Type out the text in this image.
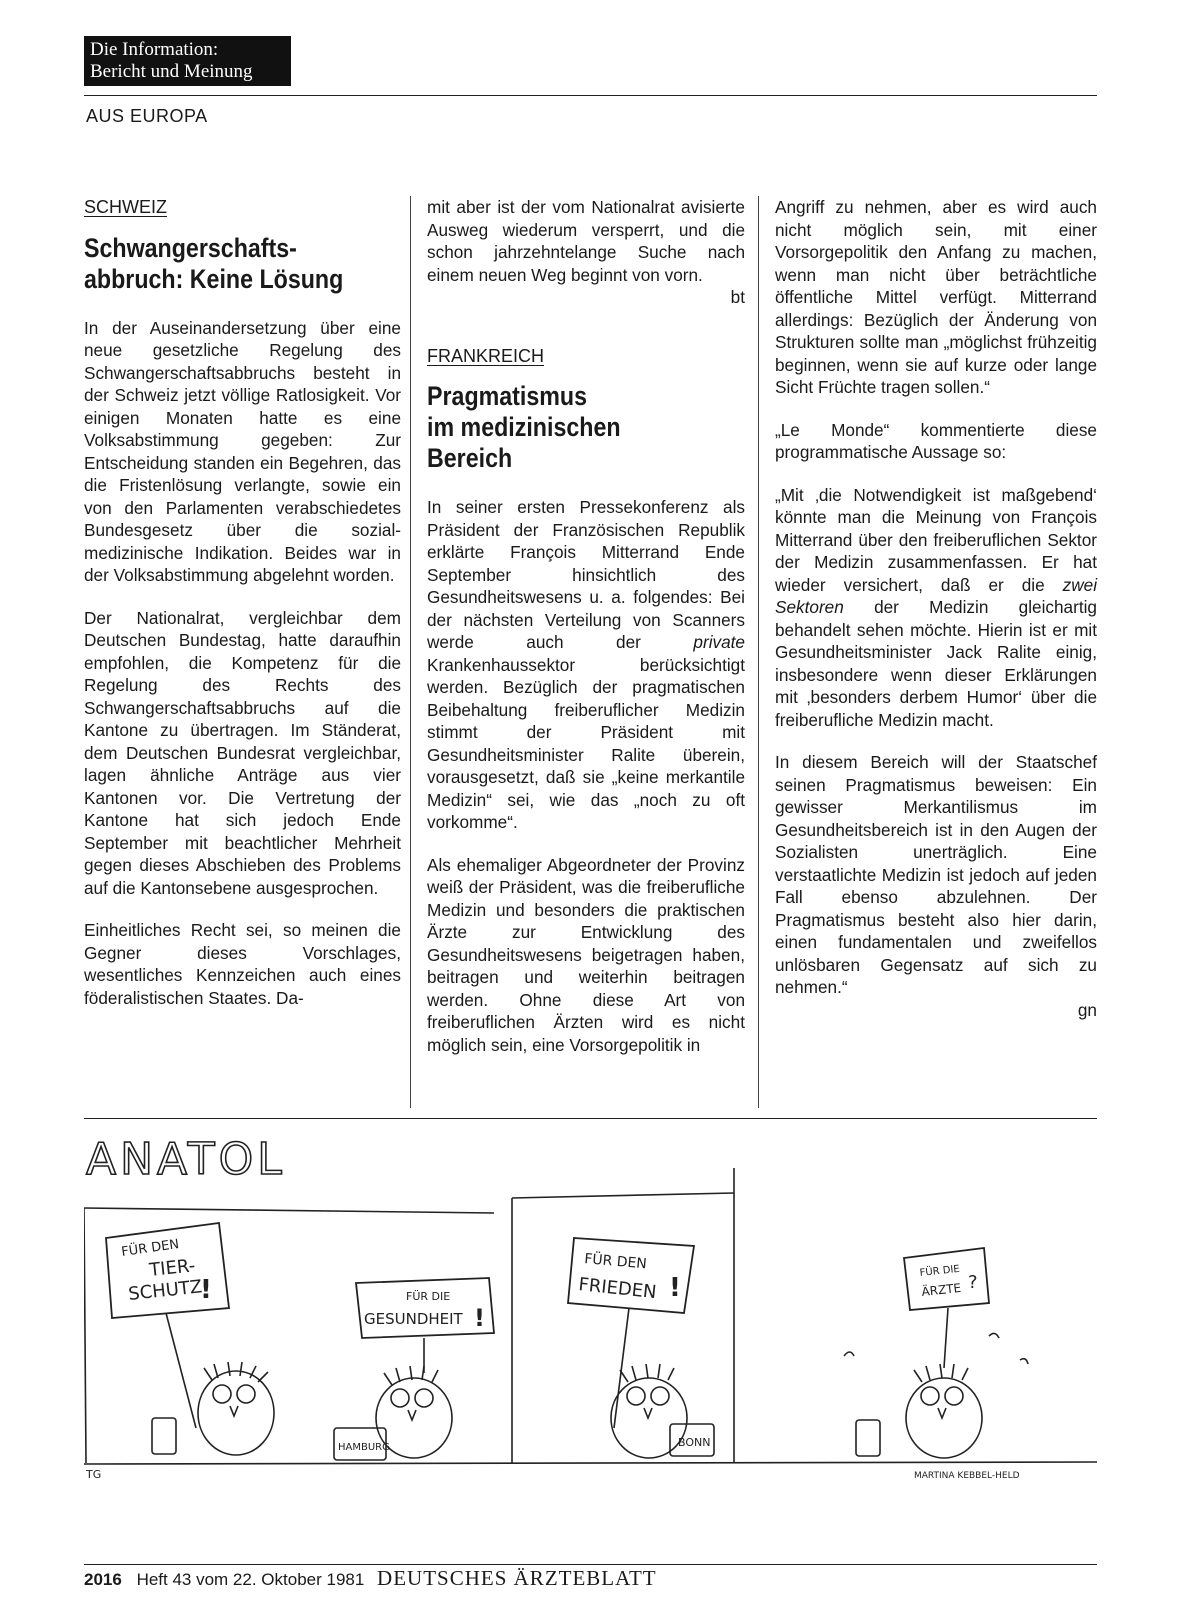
Die Information:
Bericht und Meinung
AUS EUROPA
SCHWEIZ
Schwangerschafts-
abbruch: Keine Lösung

In der Auseinandersetzung über eine neue gesetzliche Regelung des Schwangerschaftsabbruchs besteht in der Schweiz jetzt völlige Ratlosigkeit. Vor einigen Monaten hatte es eine Volksabstimmung gegeben: Zur Entscheidung standen ein Begehren, das die Fristenlösung verlangte, sowie ein von den Parlamenten verabschiedetes Bundesgesetz über die sozial-medizinische Indikation. Beides war in der Volksabstimmung abgelehnt worden.

Der Nationalrat, vergleichbar dem Deutschen Bundestag, hatte daraufhin empfohlen, die Kompetenz für die Regelung des Rechts des Schwangerschaftsabbruchs auf die Kantone zu übertragen. Im Ständerat, dem Deutschen Bundesrat vergleichbar, lagen ähnliche Anträge aus vier Kantonen vor. Die Vertretung der Kantone hat sich jedoch Ende September mit beachtlicher Mehrheit gegen dieses Abschieben des Problems auf die Kantonsebene ausgesprochen.

Einheitliches Recht sei, so meinen die Gegner dieses Vorschlages, wesentliches Kennzeichen auch eines föderalistischen Staates. Da-

mit aber ist der vom Nationalrat avisierte Ausweg wiederum versperrt, und die schon jahrzehntelange Suche nach einem neuen Weg beginnt von vorn.
bt

FRANKREICH
Pragmatismus
im medizinischen
Bereich

In seiner ersten Pressekonferenz als Präsident der Französischen Republik erklärte François Mitterrand Ende September hinsichtlich des Gesundheitswesens u. a. folgendes: Bei der nächsten Verteilung von Scanners werde auch der	private Krankenhaussektor berücksichtigt werden. Bezüglich der pragmatischen Beibehaltung freiberuflicher Medizin stimmt der Präsident mit Gesundheitsminister Ralite überein, vorausgesetzt, daß sie „keine merkantile Medizin“ sei, wie das „noch zu oft vorkomme“.

Als ehemaliger Abgeordneter der Provinz weiß der Präsident, was die freiberufliche Medizin und besonders die praktischen Ärzte zur Entwicklung des Gesundheitswesens beigetragen haben, beitragen und weiterhin beitragen werden. Ohne diese Art von freiberuflichen Ärzten wird es nicht möglich sein, eine Vorsorgepolitik in

Angriff zu nehmen, aber es wird auch nicht möglich sein, mit einer Vorsorgepolitik den Anfang zu machen, wenn man nicht über beträchtliche öffentliche Mittel verfügt. Mitterrand allerdings: Bezüglich der Änderung von Strukturen sollte man „möglichst frühzeitig beginnen, wenn sie auf kurze oder lange Sicht Früchte tragen sollen.“

„Le Monde“ kommentierte diese programmatische Aussage so:

„Mit ‚die Notwendigkeit ist maßgebend‘ könnte man die Meinung von François Mitterrand über den freiberuflichen Sektor der Medizin zusammenfassen. Er hat wieder versichert, daß er die zwei Sektoren der Medizin gleichartig behandelt sehen möchte. Hierin ist er mit Gesundheitsminister Jack Ralite einig, insbesondere wenn dieser Erklärungen mit ‚besonders derbem Humor‘ über die freiberufliche Medizin macht.

In diesem Bereich will der Staatschef seinen Pragmatismus beweisen: Ein gewisser Merkantilismus im Gesundheitsbereich ist in den Augen der Sozialisten unerträglich. Eine verstaatlichte Medizin ist jedoch auf jeden Fall ebenso abzulehnen. Der Pragmatismus besteht also hier darin, einen fundamentalen und zweifellos unlösbaren Gegensatz auf sich zu nehmen.“
gn

ANATOL
FÜR DEN
TIER-
SCHUTZ
!
TG
FÜR DIE
GESUNDHEIT !
HAMBURG
FÜR DEN
FRIEDEN !
BONN
FÜR DIE
ÄRZTE ?
MARTINA KEBBEL-HELD
2016 Heft 43 vom 22. Oktober 1981 DEUTSCHES ÄRZTEBLATT
